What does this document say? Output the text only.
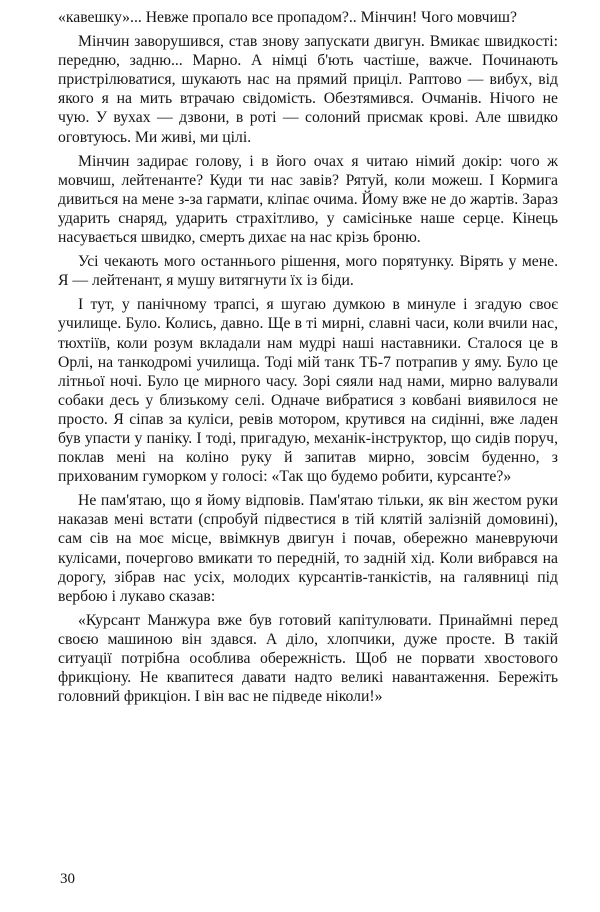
«кавешку»... Невже пропало все пропадом?.. Мінчин! Чого мовчиш?

Мінчин заворушився, став знову запускати двигун. Вмикає швидкості: передню, задню... Марно. А німці б'ють частіше, важче. Починають пристрілюватися, шукають нас на прямий приціл. Раптово — вибух, від якого я на мить втрачаю свідомість. Обезтямився. Очманів. Нічого не чую. У вухах — дзвони, в роті — солоний присмак крові. Але швидко оговтуюсь. Ми живі, ми цілі.

Мінчин задирає голову, і в його очах я читаю німий докір: чого ж мовчиш, лейтенанте? Куди ти нас завів? Рятуй, коли можеш. І Кормига дивиться на мене з-за гармати, кліпає очима. Йому вже не до жартів. Зараз ударить снаряд, ударить страхітливо, у самісіньке наше серце. Кінець насувається швидко, смерть дихає на нас крізь броню.

Усі чекають мого останнього рішення, мого порятунку. Вірять у мене. Я — лейтенант, я мушу витягнути їх із біди.

І тут, у панічному трапсі, я шугаю думкою в минуле і згадую своє училище. Було. Колись, давно. Ще в ті мирні, славні часи, коли вчили нас, тюхтіїв, коли розум вкладали нам мудрі наші наставники. Сталося це в Орлі, на танкодромі училища. Тоді мій танк ТБ-7 потрапив у яму. Було це літньої ночі. Було це мирного часу. Зорі сяяли над нами, мирно валували собаки десь у близькому селі. Одначе вибратися з ковбані виявилося не просто. Я сіпав за куліси, ревів мотором, крутився на сидінні, вже ладен був упасти у паніку. І тоді, пригадую, механік-інструктор, що сидів поруч, поклав мені на коліно руку й запитав мирно, зовсім буденно, з прихованим гуморком у голосі: «Так що будемо робити, курсанте?»

Не пам'ятаю, що я йому відповів. Пам'ятаю тільки, як він жестом руки наказав мені встати (спробуй підвестися в тій клятій залізній домовині), сам сів на моє місце, ввімкнув двигун і почав, обережно маневруючи кулісами, почергово вмикати то передній, то задній хід. Коли вибрався на дорогу, зібрав нас усіх, молодих курсантів-танкістів, на галявниці під вербою і лукаво сказав:

«Курсант Манжура вже був готовий капітулювати. Принаймні перед своєю машиною він здався. А діло, хлопчики, дуже просте. В такій ситуації потрібна особлива обережність. Щоб не порвати хвостового фрикціону. Не квапитеся давати надто великі навантаження. Бережіть головний фрикціон. І він вас не підведе ніколи!»

30
